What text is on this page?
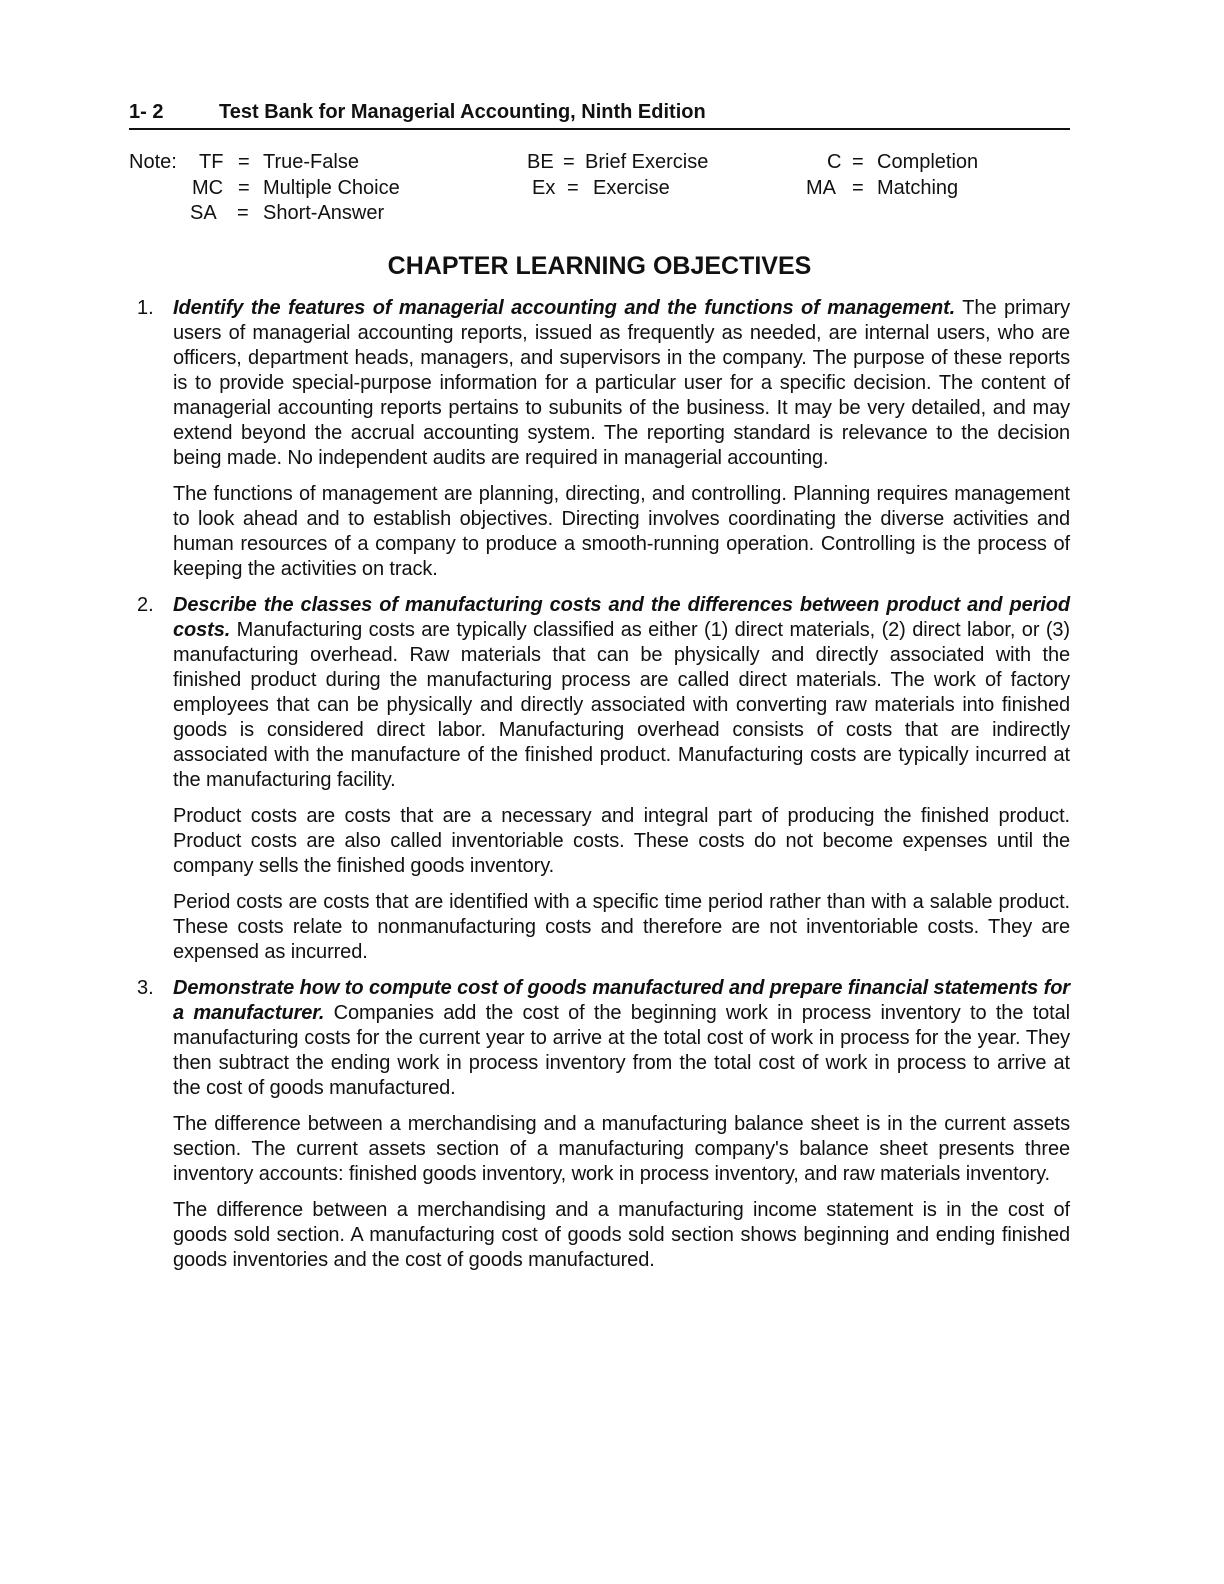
1- 2	Test Bank for Managerial Accounting, Ninth Edition
Note: TF = True-False
MC = Multiple Choice
SA = Short-Answer
BE = Brief Exercise
Ex = Exercise
C = Completion
MA = Matching
CHAPTER LEARNING OBJECTIVES
1. Identify the features of managerial accounting and the functions of management. The primary users of managerial accounting reports, issued as frequently as needed, are internal users, who are officers, department heads, managers, and supervisors in the company. The purpose of these reports is to provide special-purpose information for a particular user for a specific decision. The content of managerial accounting reports pertains to subunits of the business. It may be very detailed, and may extend beyond the accrual accounting system. The reporting standard is relevance to the decision being made. No independent audits are required in managerial accounting.

The functions of management are planning, directing, and controlling. Planning requires management to look ahead and to establish objectives. Directing involves coordinating the diverse activities and human resources of a company to produce a smooth-running operation. Controlling is the process of keeping the activities on track.

2. Describe the classes of manufacturing costs and the differences between product and period costs. Manufacturing costs are typically classified as either (1) direct materials, (2) direct labor, or (3) manufacturing overhead. Raw materials that can be physically and directly associated with the finished product during the manufacturing process are called direct materials. The work of factory employees that can be physically and directly associated with converting raw materials into finished goods is considered direct labor. Manufacturing overhead consists of costs that are indirectly associated with the manufacture of the finished product. Manufacturing costs are typically incurred at the manufacturing facility.

Product costs are costs that are a necessary and integral part of producing the finished product. Product costs are also called inventoriable costs. These costs do not become expenses until the company sells the finished goods inventory.

Period costs are costs that are identified with a specific time period rather than with a salable product. These costs relate to nonmanufacturing costs and therefore are not inventoriable costs. They are expensed as incurred.

3. Demonstrate how to compute cost of goods manufactured and prepare financial statements for a manufacturer. Companies add the cost of the beginning work in process inventory to the total manufacturing costs for the current year to arrive at the total cost of work in process for the year. They then subtract the ending work in process inventory from the total cost of work in process to arrive at the cost of goods manufactured.

The difference between a merchandising and a manufacturing balance sheet is in the current assets section. The current assets section of a manufacturing company's balance sheet presents three inventory accounts: finished goods inventory, work in process inventory, and raw materials inventory.

The difference between a merchandising and a manufacturing income statement is in the cost of goods sold section. A manufacturing cost of goods sold section shows beginning and ending finished goods inventories and the cost of goods manufactured.
